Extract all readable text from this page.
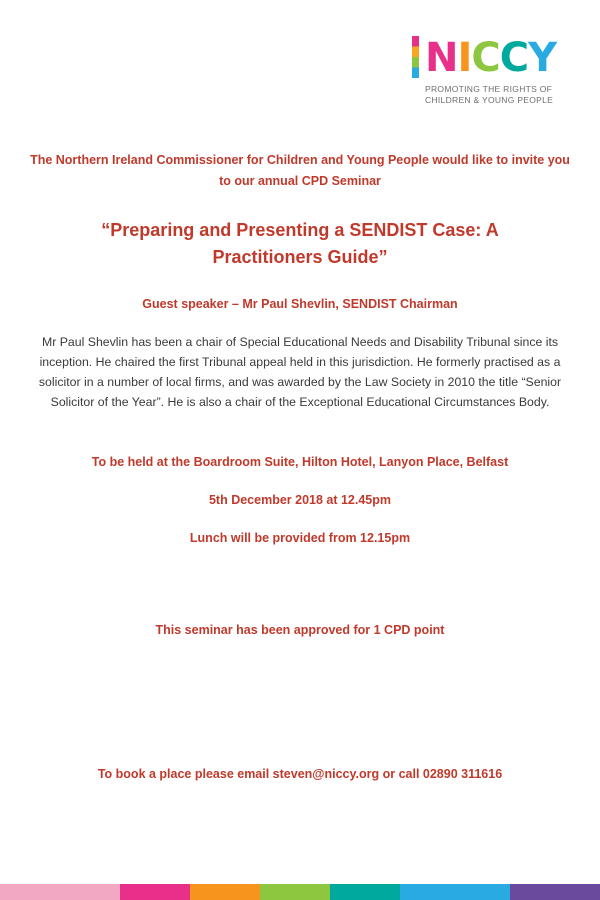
N I C C Y
PROMOTING THE RIGHTS OF
CHILDREN & YOUNG PEOPLE

The Northern Ireland Commissioner for Children and Young People would like to invite you to our annual CPD Seminar

“Preparing and Presenting a SENDIST Case: A Practitioners Guide”

Guest speaker – Mr Paul Shevlin, SENDIST Chairman

Mr Paul Shevlin has been a chair of Special Educational Needs and Disability Tribunal since its inception. He chaired the first Tribunal appeal held in this jurisdiction. He formerly practised as a solicitor in a number of local firms, and was awarded by the Law Society in 2010 the title “Senior Solicitor of the Year”. He is also a chair of the Exceptional Educational Circumstances Body.

To be held at the Boardroom Suite, Hilton Hotel, Lanyon Place, Belfast

5th December 2018 at 12.45pm

Lunch will be provided from 12.15pm

This seminar has been approved for 1 CPD point

To book a place please email steven@niccy.org or call 02890 311616
